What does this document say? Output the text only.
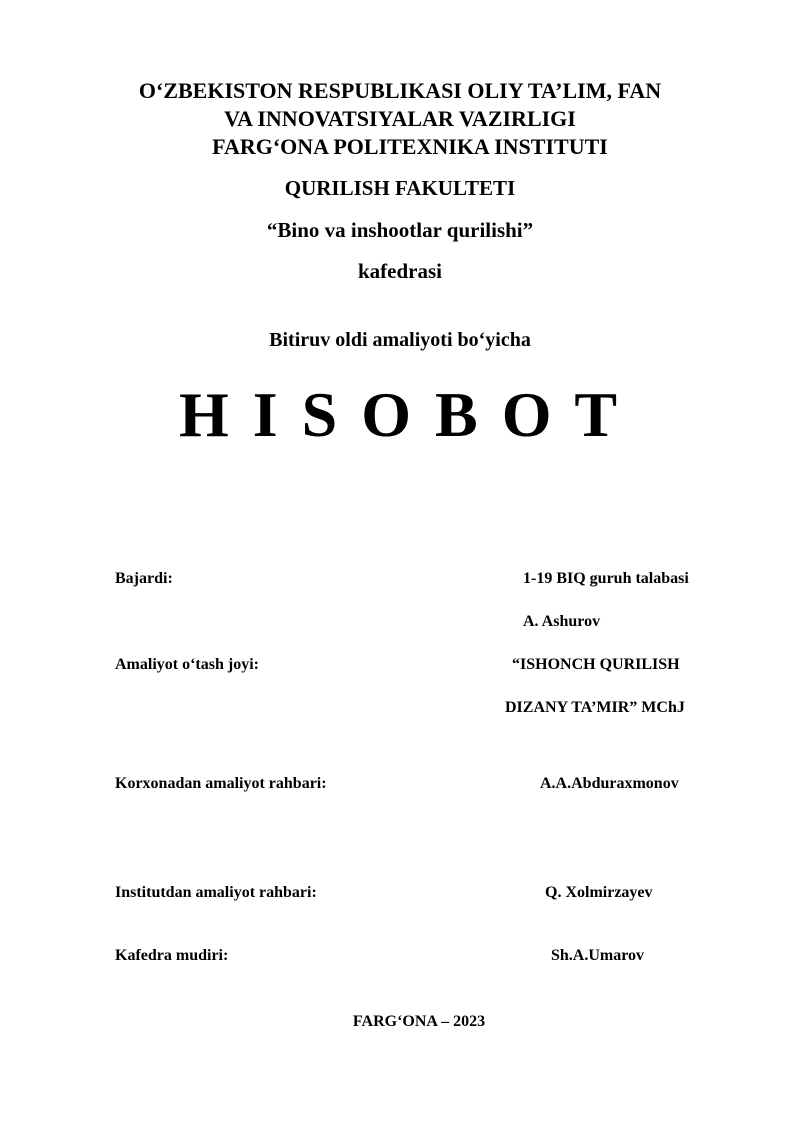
O‘ZBEKISTON RESPUBLIKASI OLIY TA’LIM, FAN
VA INNOVATSIYALAR VAZIRLIGI
FARG‘ONA POLITEXNIKA INSTITUTI
QURILISH FAKULTETI
“Bino va inshootlar qurilishi”
kafedrasi
Bitiruv oldi amaliyoti bo‘yicha
H I S O B O T
Bajardi:	1-19 BIQ guruh talabasi
A. Ashurov
Amaliyot o‘tash joyi:	“ISHONCH QURILISH
DIZANY TA’MIR” MChJ
Korxonadan amaliyot rahbari:	A.A.Abduraxmonov
Institutdan amaliyot rahbari:	Q. Xolmirzayev
Kafedra mudiri:	Sh.A.Umarov
FARG‘ONA – 2023
